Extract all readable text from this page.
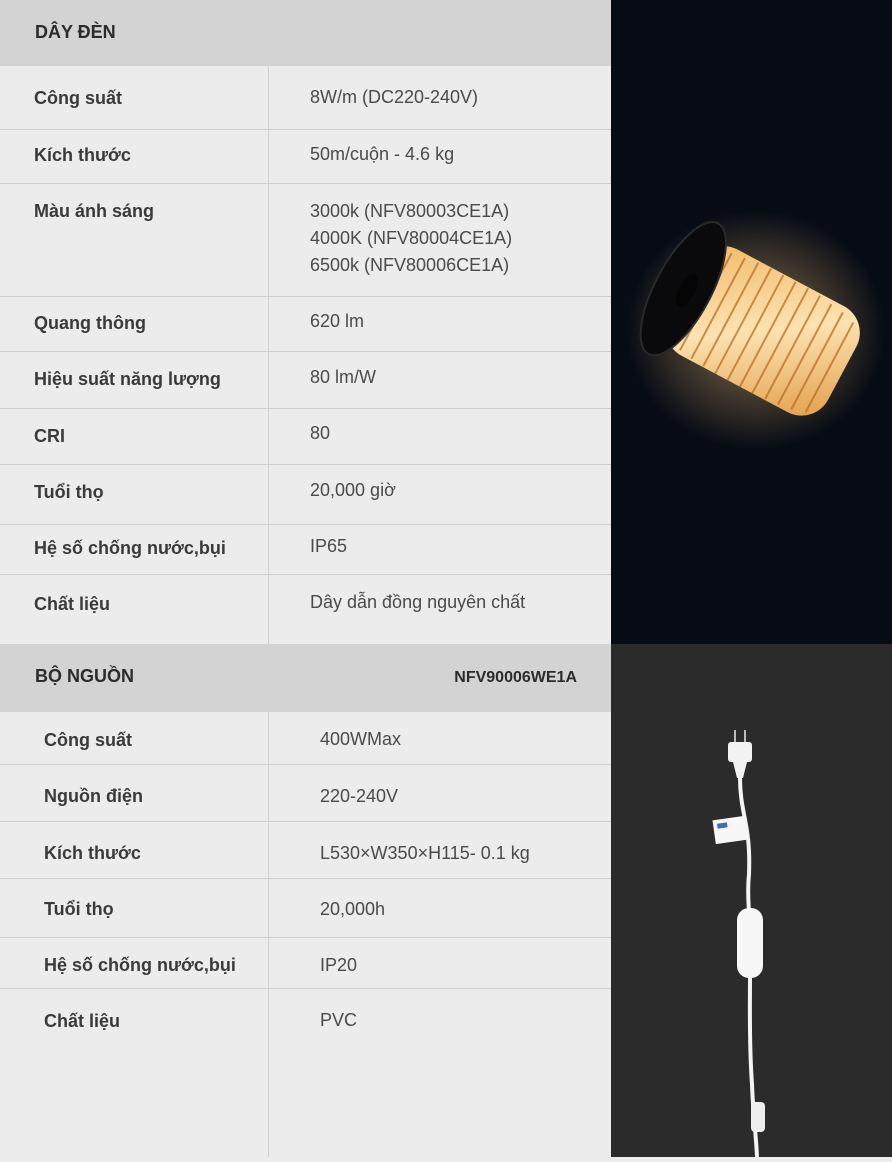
DÂY ĐÈN
Công suất	8W/m (DC220-240V)
Kích thước	50m/cuộn - 4.6 kg
Màu ánh sáng	3000k (NFV80003CE1A)
4000K (NFV80004CE1A)
6500k (NFV80006CE1A)
Quang thông	620 lm
Hiệu suất năng lượng	80 lm/W
CRI	80
Tuổi thọ	20,000 giờ
Hệ số chống nước,bụi	IP65
Chất liệu	Dây dẫn đồng nguyên chất
BỘ NGUỒN	NFV90006WE1A
Công suất	400WMax
Nguồn điện	220-240V
Kích thước	L530×W350×H115- 0.1 kg
Tuổi thọ	20,000h
Hệ số chống nước,bụi	IP20
Chất liệu	PVC
